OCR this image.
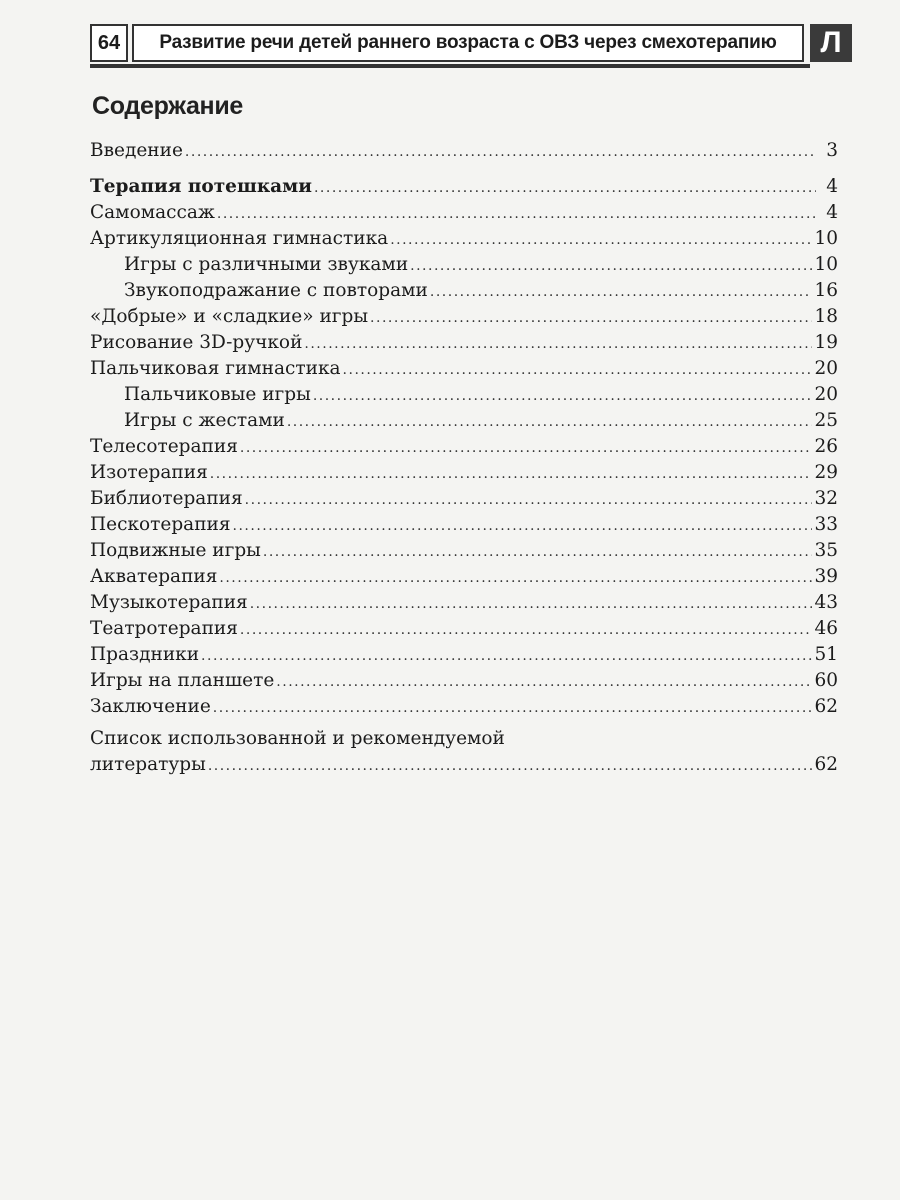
64	Развитие речи детей раннего возраста с ОВЗ через смехотерапию	Л
Содержание
Введение .....	3
Терапия потешками .....	4
Самомассаж .....	4
Артикуляционная гимнастика .....	10
Игры с различными звуками .....	10
Звукоподражание с повторами .....	16
«Добрые» и «сладкие» игры .....	18
Рисование 3D-ручкой .....	19
Пальчиковая гимнастика .....	20
Пальчиковые игры .....	20
Игры с жестами .....	25
Телесотерапия .....	26
Изотерапия .....	29
Библиотерапия .....	32
Пескотерапия .....	33
Подвижные игры .....	35
Акватерапия .....	39
Музыкотерапия .....	43
Театротерапия .....	46
Праздники .....	51
Игры на планшете .....	60
Заключение .....	62
Список использованной и рекомендуемой
литературы .....	62
